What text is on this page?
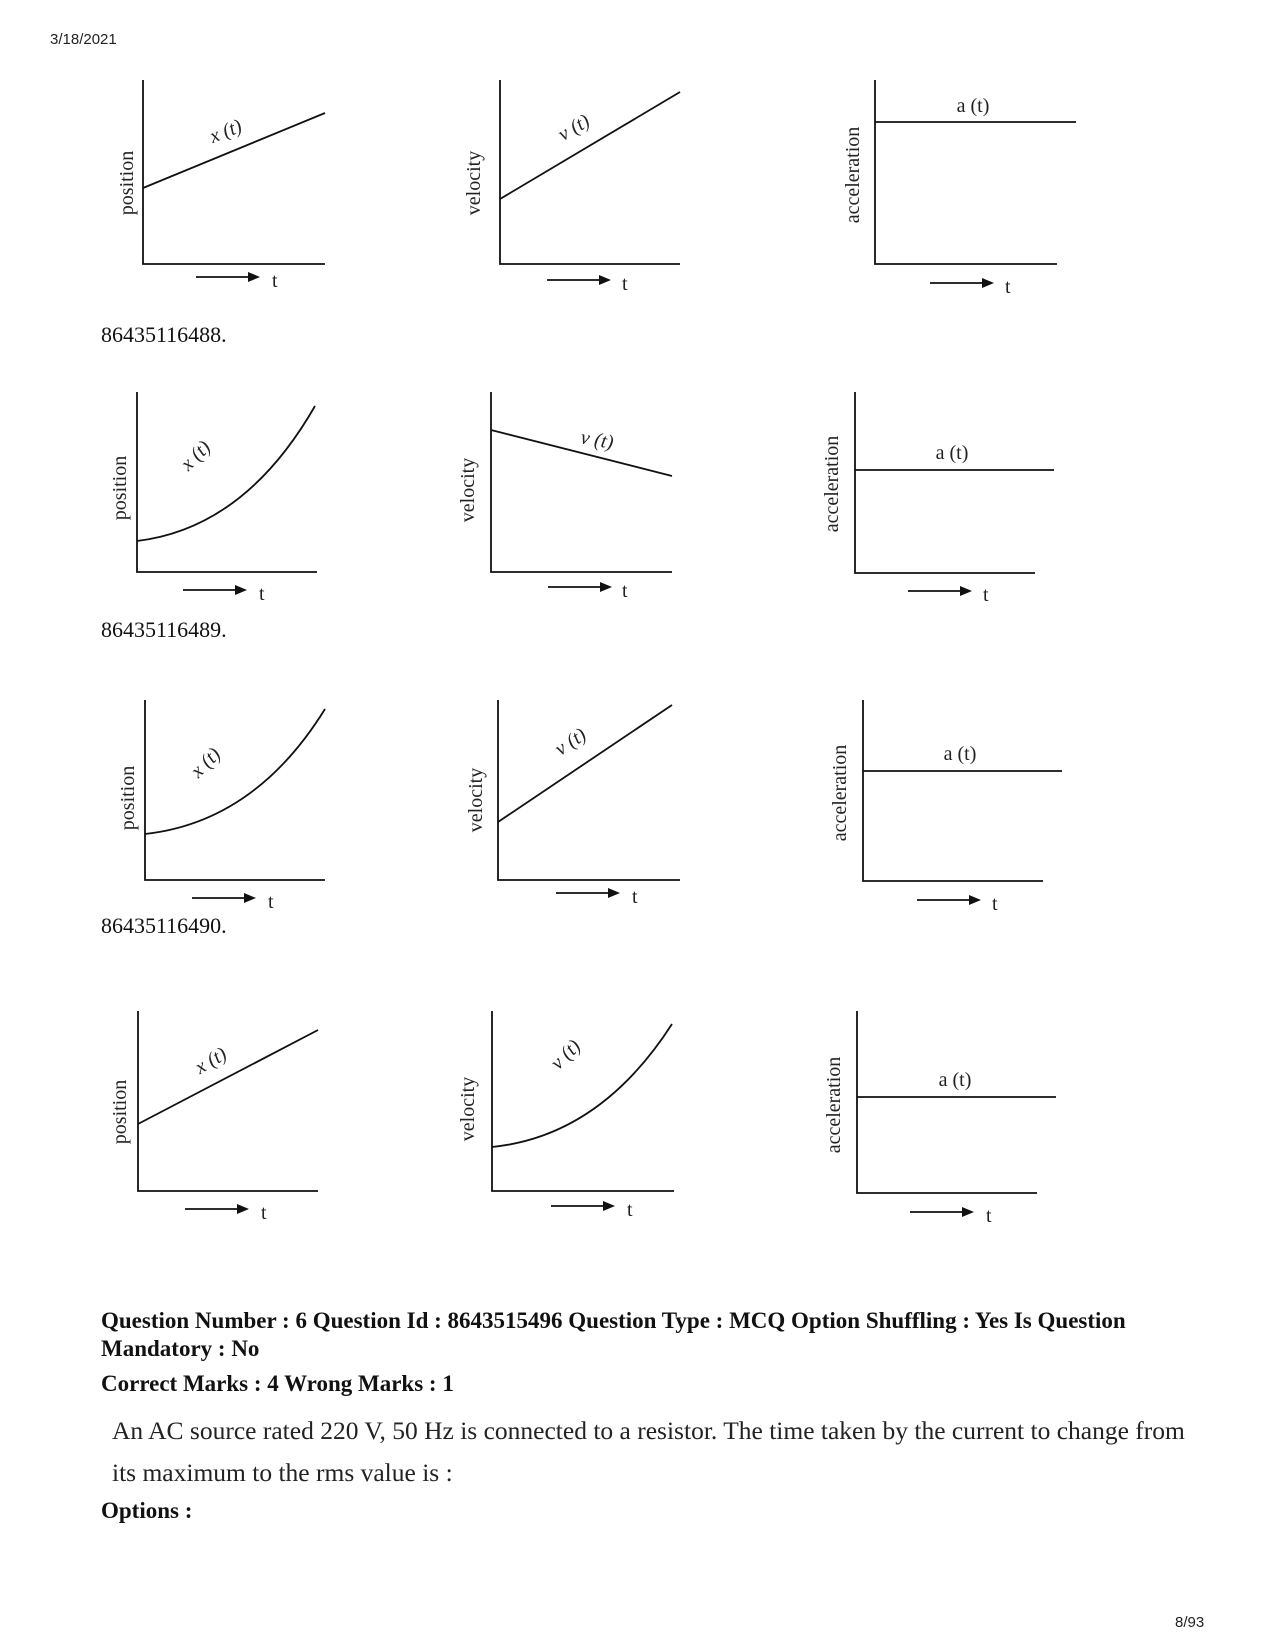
3/18/2021
86435116488.
86435116489.
86435116490.
t
position
x (t)
t
velocity
v (t)
t
acceleration
a (t)
t
position
x (t)
t
velocity
v (t)
t
acceleration	a (t)
t
position
x (t)
t
velocity
v (t)
t
acceleration	a (t)
t
position
x (t)
t
velocity
v (t)
t
acceleration	a (t)
Question Number : 6 Question Id : 8643515496 Question Type : MCQ Option Shuffling : Yes Is Question Mandatory : No
Correct Marks : 4 Wrong Marks : 1
An AC source rated 220 V, 50 Hz is connected to a resistor. The time taken by the current to change from its maximum to the rms value is :
Options :
8/93
